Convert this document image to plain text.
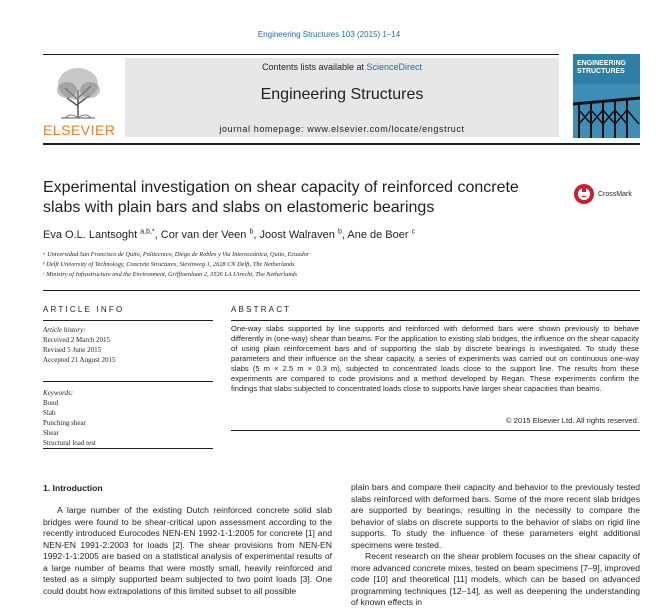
Engineering Structures 103 (2015) 1–14
ELSEVIER
Contents lists available at ScienceDirect
Engineering Structures
journal homepage: www.elsevier.com/locate/engstruct
ENGINEERING STRUCTURES
Experimental investigation on shear capacity of reinforced concrete
slabs with plain bars and slabs on elastomeric bearings
CrossMark
Eva O.L. Lantsoght $^{a,b,*}$, Cor van der Veen $^b$, Joost Walraven $^b$, Ane de Boer $^c$
ᵃ Universidad San Francisco de Quito, Politecnico, Diego de Robles y Via Interoceánica, Quito, Ecuador
ᵇ Delft University of Technology, Concrete Structures, Stevinweg 1, 2628 CN Delft, The Netherlands
ᶜ Ministry of Infrastructure and the Environment, Griffioenlaan 2, 3526 LA Utrecht, The Netherlands
ARTICLE INFO
Article history:
Received 2 March 2015
Revised 5 June 2015
Accepted 21 August 2015
Keywords:
Bond
Slab
Punching shear
Shear
Structural load test
ABSTRACT
One-way slabs supported by line supports and reinforced with deformed bars were shown previously to behave differently in (one-way) shear than beams. For the application to existing slab bridges, the influence on the shear capacity of using plain reinforcement bars and of supporting the slab by discrete bearings is investigated. To study these parameters and their influence on the shear capacity, a series of experiments was carried out on continuous one-way slabs (5 m × 2.5 m × 0.3 m), subjected to concentrated loads close to the support line. The results from these experiments are compared to code provisions and a method developed by Regan. These experiments confirm the findings that slabs subjected to concentrated loads close to supports have larger shear capacities than beams.
© 2015 Elsevier Ltd. All rights reserved.
1. Introduction

A large number of the existing Dutch reinforced concrete solid slab bridges were found to be shear-critical upon assessment according to the recently introduced Eurocodes NEN-EN 1992-1-1:2005 for concrete [1] and NEN-EN 1991-2:2003 for loads [2]. The shear provisions from NEN-EN 1992-1-1:2005 are based on a statistical analysis of experimental results of a large number of beams that were mostly small, heavily reinforced and tested as a simply supported beam subjected to two point loads [3]. One could doubt how extrapolations of this limited subset to all possible

plain bars and compare their capacity and behavior to the previously tested slabs reinforced with deformed bars. Some of the more recent slab bridges are supported by bearings, resulting in the necessity to compare the behavior of slabs on discrete supports to the behavior of slabs on rigid line supports. To study the influence of these parameters eight additional specimens were tested.

Recent research on the shear problem focuses on the shear capacity of more advanced concrete mixes, tested on beam specimens [7–9], improved code [10] and theoretical [11] models, which can be based on advanced programming techniques [12–14], as well as deepening the understanding of known effects in
